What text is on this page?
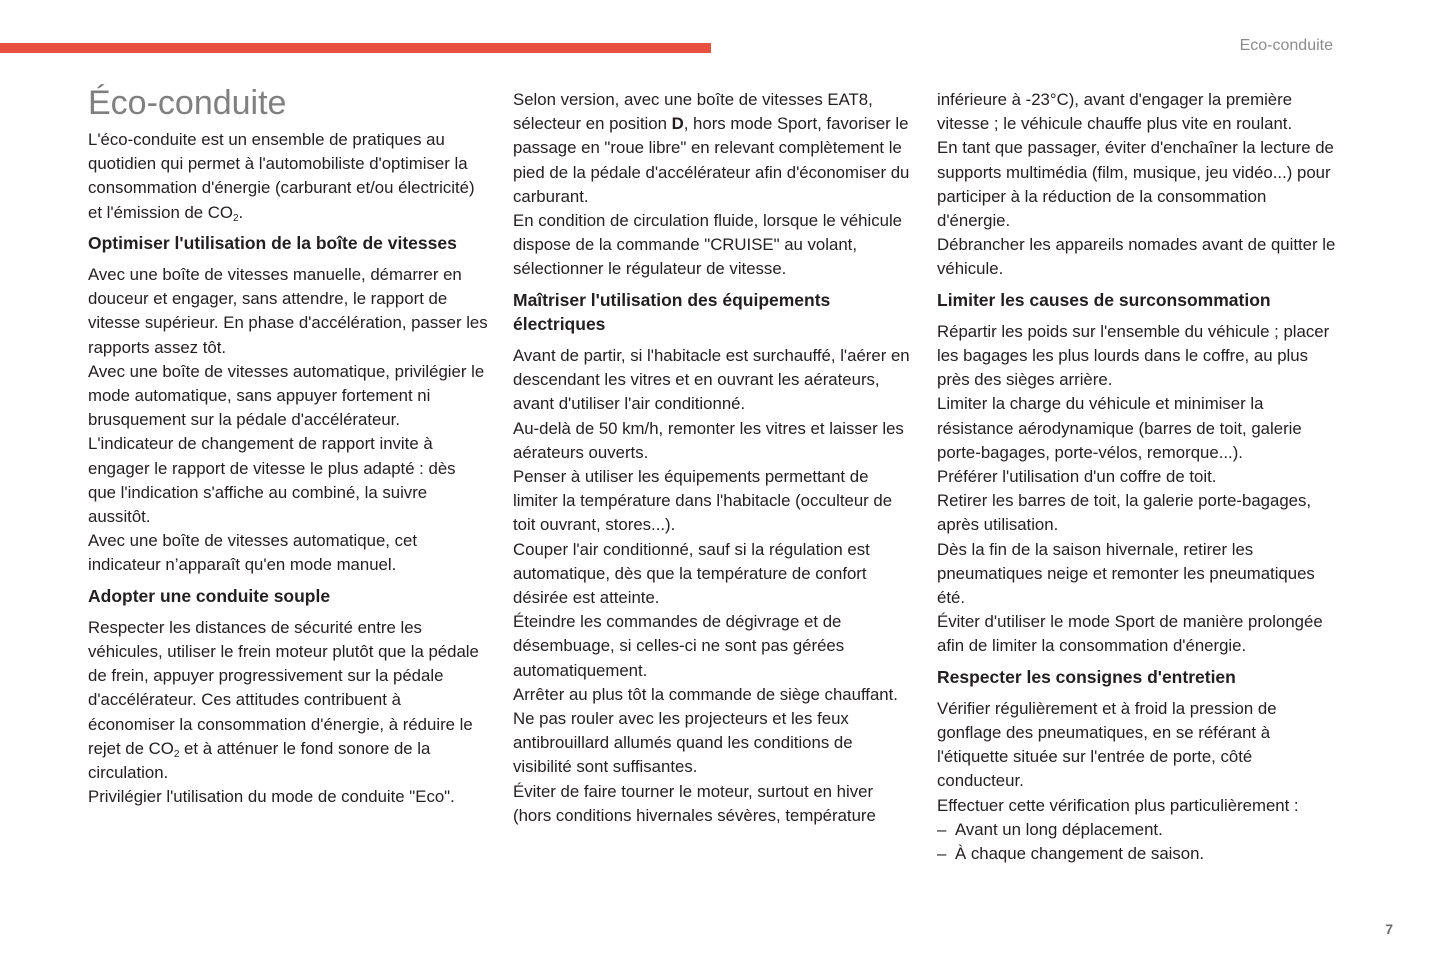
Eco-conduite
Éco-conduite

L'éco-conduite est un ensemble de pratiques au quotidien qui permet à l'automobiliste d'optimiser la consommation d'énergie (carburant et/ou électricité) et l'émission de $CO_2$.

Optimiser l'utilisation de la boîte de vitesses

Avec une boîte de vitesses manuelle, démarrer en douceur et engager, sans attendre, le rapport de vitesse supérieur. En phase d'accélération, passer les rapports assez tôt.

Avec une boîte de vitesses automatique, privilégier le mode automatique, sans appuyer fortement ni brusquement sur la pédale d'accélérateur.

L'indicateur de changement de rapport invite à engager le rapport de vitesse le plus adapté : dès que l'indication s'affiche au combiné, la suivre aussitôt.

Avec une boîte de vitesses automatique, cet indicateur n’apparaît qu'en mode manuel.

Adopter une conduite souple

Respecter les distances de sécurité entre les véhicules, utiliser le frein moteur plutôt que la pédale de frein, appuyer progressivement sur la pédale d'accélérateur. Ces attitudes contribuent à économiser la consommation d'énergie, à réduire le rejet de $CO_2$ et à atténuer le fond sonore de la circulation.

Privilégier l'utilisation du mode de conduite "Eco".

Selon version, avec une boîte de vitesses EAT8, sélecteur en position D, hors mode Sport, favoriser le passage en "roue libre" en relevant complètement le pied de la pédale d'accélérateur afin d'économiser du carburant.

En condition de circulation fluide, lorsque le véhicule dispose de la commande "CRUISE" au volant, sélectionner le régulateur de vitesse.

Maîtriser l'utilisation des équipements électriques

Avant de partir, si l'habitacle est surchauffé, l'aérer en descendant les vitres et en ouvrant les aérateurs, avant d'utiliser l'air conditionné.

Au-delà de 50 km/h, remonter les vitres et laisser les aérateurs ouverts.

Penser à utiliser les équipements permettant de limiter la température dans l'habitacle (occulteur de toit ouvrant, stores...).

Couper l'air conditionné, sauf si la régulation est automatique, dès que la température de confort désirée est atteinte.

Éteindre les commandes de dégivrage et de désembuage, si celles-ci ne sont pas gérées automatiquement.

Arrêter au plus tôt la commande de siège chauffant.

Ne pas rouler avec les projecteurs et les feux antibrouillard allumés quand les conditions de visibilité sont suffisantes.

Éviter de faire tourner le moteur, surtout en hiver (hors conditions hivernales sévères, température

inférieure à -23°C), avant d'engager la première vitesse ; le véhicule chauffe plus vite en roulant.

En tant que passager, éviter d'enchaîner la lecture de supports multimédia (film, musique, jeu vidéo...) pour participer à la réduction de la consommation d'énergie.

Débrancher les appareils nomades avant de quitter le véhicule.

Limiter les causes de surconsommation

Répartir les poids sur l'ensemble du véhicule ; placer les bagages les plus lourds dans le coffre, au plus près des sièges arrière.

Limiter la charge du véhicule et minimiser la résistance aérodynamique (barres de toit, galerie porte-bagages, porte-vélos, remorque...).

Préférer l'utilisation d'un coffre de toit.

Retirer les barres de toit, la galerie porte-bagages, après utilisation.

Dès la fin de la saison hivernale, retirer les pneumatiques neige et remonter les pneumatiques été.

Éviter d'utiliser le mode Sport de manière prolongée afin de limiter la consommation d'énergie.

Respecter les consignes d'entretien

Vérifier régulièrement et à froid la pression de gonflage des pneumatiques, en se référant à l'étiquette située sur l'entrée de porte, côté conducteur.

Effectuer cette vérification plus particulièrement :

– Avant un long déplacement.
– À chaque changement de saison.
7
